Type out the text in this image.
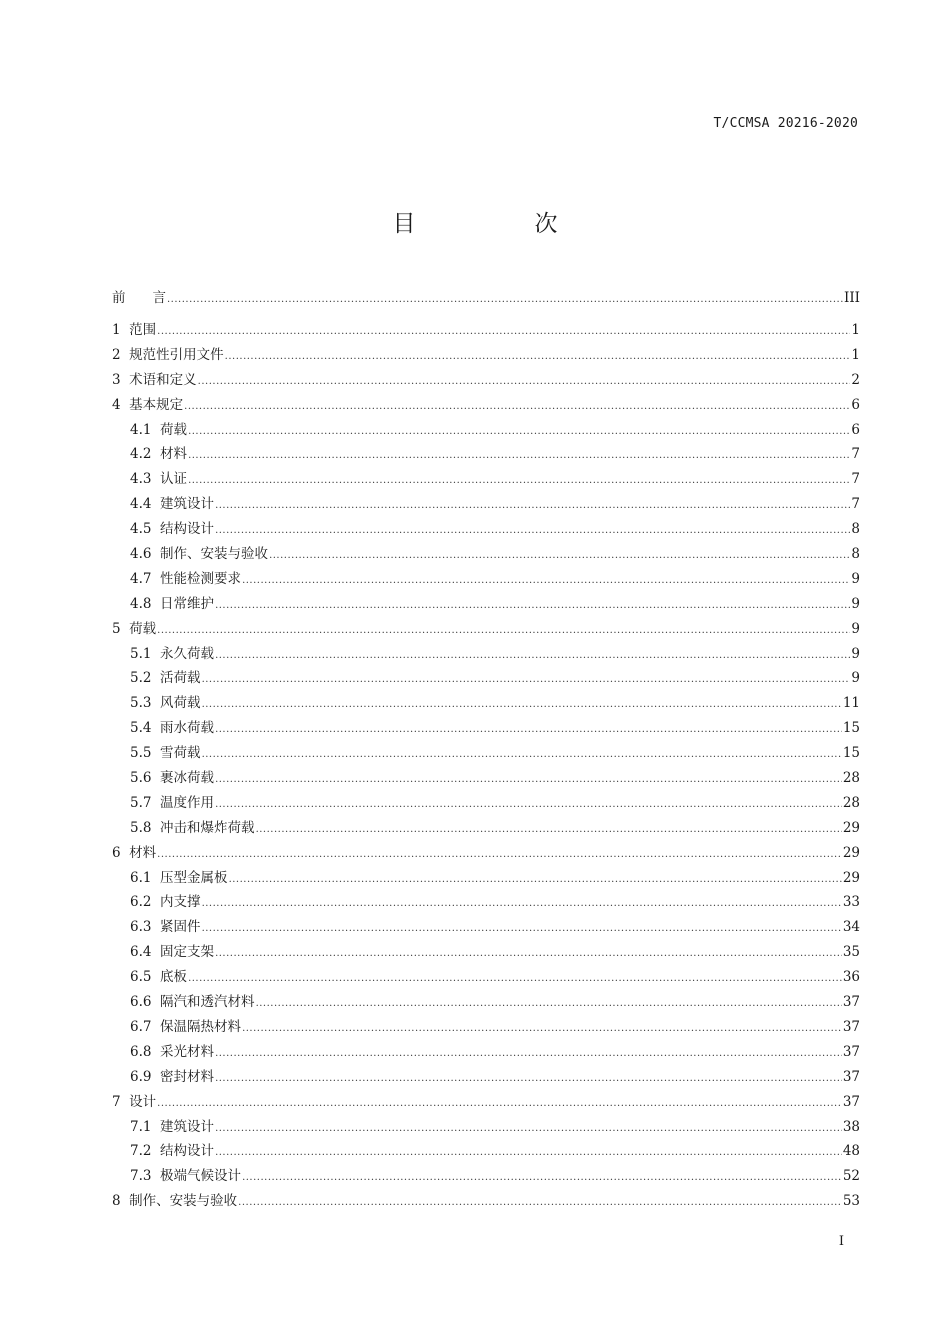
T/CCMSA 20216-2020
目　次
前　　言 .....	III
1  范围 .....	1
2  规范性引用文件 .....	1
3  术语和定义 .....	2
4  基本规定 .....	6
4.1  荷载 .....	6
4.2  材料 .....	7
4.3  认证 .....	7
4.4  建筑设计 .....	7
4.5  结构设计 .....	8
4.6  制作、安装与验收 .....	8
4.7  性能检测要求 .....	9
4.8  日常维护 .....	9
5  荷载 .....	9
5.1  永久荷载 .....	9
5.2  活荷载 .....	9
5.3  风荷载 .....	11
5.4  雨水荷载 .....	15
5.5  雪荷载 .....	15
5.6  裹冰荷载 .....	28
5.7  温度作用 .....	28
5.8  冲击和爆炸荷载 .....	29
6  材料 .....	29
6.1  压型金属板 .....	29
6.2  内支撑 .....	33
6.3  紧固件 .....	34
6.4  固定支架 .....	35
6.5  底板 .....	36
6.6  隔汽和透汽材料 .....	37
6.7  保温隔热材料 .....	37
6.8  采光材料 .....	37
6.9  密封材料 .....	37
7  设计 .....	37
7.1  建筑设计 .....	38
7.2  结构设计 .....	48
7.3  极端气候设计 .....	52
8  制作、安装与验收 .....	53
I
